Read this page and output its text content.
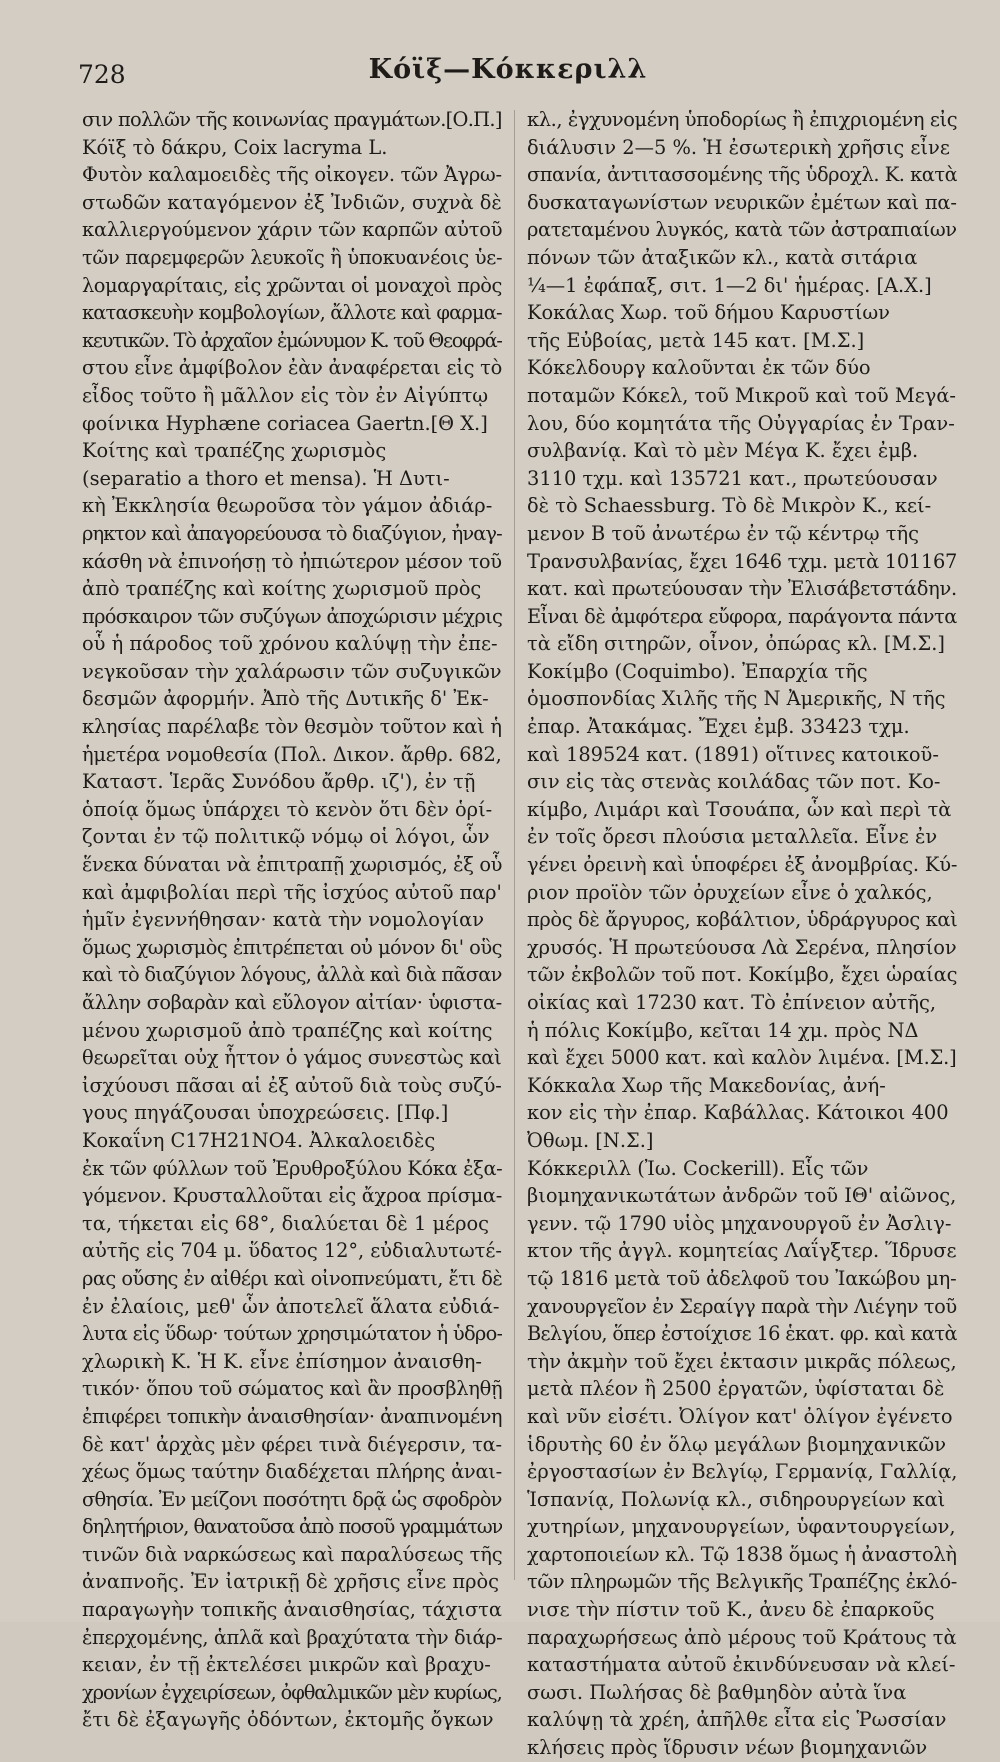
728	Κόϊξ—Κόκκεριλλ
σιν πολλῶν τῆς κοινωνίας πραγμάτων.[Ο.Π.]
Κόϊξ τὸ δάκρυ, Coix lacryma L.
Φυτὸν καλαμοειδὲς τῆς οἰκογεν. τῶν Ἀγρω-
στωδῶν καταγόμενον ἐξ Ἰνδιῶν, συχνὰ δὲ
καλλιεργούμενον χάριν τῶν καρπῶν αὐτοῦ
τῶν παρεμφερῶν λευκοῖς ἢ ὑποκυανέοις ὑε-
λομαργαρίταις, εἰς χρῶνται οἱ μοναχοὶ πρὸς
κατασκευὴν κομβολογίων, ἄλλοτε καὶ φαρμα-
κευτικῶν. Τὸ ἀρχαῖον ἐμώνυμον Κ. τοῦ Θεοφρά-
στου εἶνε ἀμφίβολον ἐὰν ἀναφέρεται εἰς τὸ
εἶδος τοῦτο ἢ μᾶλλον εἰς τὸν ἐν Αἰγύπτῳ
φοίνικα Hyphæne coriacea Gaertn.[Θ Χ.]
Κοίτης καὶ τραπέζης χωρισμὸς
(separatio a thoro et mensa). Ἡ Δυτι-
κὴ Ἐκκλησία θεωροῦσα τὸν γάμον ἀδιάρ-
ρηκτον καὶ ἀπαγορεύουσα τὸ διαζύγιον, ἠναγ-
κάσθη νὰ ἐπινοήσῃ τὸ ἠπιώτερον μέσον τοῦ
ἀπὸ τραπέζης καὶ κοίτης χωρισμοῦ πρὸς
πρόσκαιρον τῶν συζύγων ἀποχώρισιν μέχρις
οὗ ἡ πάροδος τοῦ χρόνου καλύψῃ τὴν ἐπε-
νεγκοῦσαν τὴν χαλάρωσιν τῶν συζυγικῶν
δεσμῶν ἀφορμήν. Ἀπὸ τῆς Δυτικῆς δ' Ἐκ-
κλησίας παρέλαβε τὸν θεσμὸν τοῦτον καὶ ἡ
ἡμετέρα νομοθεσία (Πολ. Δικον. ἄρθρ. 682,
Καταστ. Ἱερᾶς Συνόδου ἄρθρ. ιζ'), ἐν τῇ
ὁποίᾳ ὅμως ὑπάρχει τὸ κενὸν ὅτι δὲν ὁρί-
ζονται ἐν τῷ πολιτικῷ νόμῳ οἱ λόγοι, ὧν
ἕνεκα δύναται νὰ ἐπιτραπῇ χωρισμός, ἐξ οὗ
καὶ ἀμφιβολίαι περὶ τῆς ἰσχύος αὐτοῦ παρ'
ἡμῖν ἐγεννήθησαν· κατὰ τὴν νομολογίαν
ὅμως χωρισμὸς ἐπιτρέπεται οὐ μόνον δι' οὓς
καὶ τὸ διαζύγιον λόγους, ἀλλὰ καὶ διὰ πᾶσαν
ἄλλην σοβαρὰν καὶ εὔλογον αἰτίαν· ὑφιστα-
μένου χωρισμοῦ ἀπὸ τραπέζης καὶ κοίτης
θεωρεῖται οὐχ ἧττον ὁ γάμος συνεστὼς καὶ
ἰσχύουσι πᾶσαι αἱ ἐξ αὐτοῦ διὰ τοὺς συζύ-
γους πηγάζουσαι ὑποχρεώσεις. [Πφ.]
Κοκαΐνη C17H21NO4. Ἀλκαλοειδὲς
ἐκ τῶν φύλλων τοῦ Ἐρυθροξύλου Κόκα ἐξα-
γόμενον. Κρυσταλλοῦται εἰς ἄχροα πρίσμα-
τα, τήκεται εἰς 68°, διαλύεται δὲ 1 μέρος
αὐτῆς εἰς 704 μ. ὕδατος 12°, εὐδιαλυτωτέ-
ρας οὔσης ἐν αἰθέρι καὶ οἰνοπνεύματι, ἔτι δὲ
ἐν ἐλαίοις, μεθ' ὧν ἀποτελεῖ ἅλατα εὐδιά-
λυτα εἰς ὕδωρ· τούτων χρησιμώτατον ἡ ὑδρο-
χλωρικὴ Κ. Ἡ Κ. εἶνε ἐπίσημον ἀναισθη-
τικόν· ὅπου τοῦ σώματος καὶ ἂν προσβληθῇ
ἐπιφέρει τοπικὴν ἀναισθησίαν· ἀναπινομένη
δὲ κατ' ἀρχὰς μὲν φέρει τινὰ διέγερσιν, τα-
χέως ὅμως ταύτην διαδέχεται πλήρης ἀναι-
σθησία. Ἐν μείζονι ποσότητι δρᾷ ὡς σφοδρὸν
δηλητήριον, θανατοῦσα ἀπὸ ποσοῦ γραμμάτων
τινῶν διὰ ναρκώσεως καὶ παραλύσεως τῆς
ἀναπνοῆς. Ἐν ἰατρικῇ δὲ χρῆσις εἶνε πρὸς
παραγωγὴν τοπικῆς ἀναισθησίας, τάχιστα
ἐπερχομένης, ἁπλᾶ καὶ βραχύτατα τὴν διάρ-
κειαν, ἐν τῇ ἐκτελέσει μικρῶν καὶ βραχυ-
χρονίων ἐγχειρίσεων, ὀφθαλμικῶν μὲν κυρίως,
ἔτι δὲ ἐξαγωγῆς ὀδόντων, ἐκτομῆς ὄγκων
κλ., ἐγχυνομένη ὑποδορίως ἢ ἐπιχριομένη εἰς
διάλυσιν 2—5 %. Ἡ ἐσωτερικὴ χρῆσις εἶνε
σπανία, ἀντιτασσομένης τῆς ὑδροχλ. Κ. κατὰ
δυσκαταγωνίστων νευρικῶν ἐμέτων καὶ πα-
ρατεταμένου λυγκός, κατὰ τῶν ἀστραπιαίων
πόνων τῶν ἀταξικῶν κλ., κατὰ σιτάρια
¼—1 ἐφάπαξ, σιτ. 1—2 δι' ἡμέρας. [Α.Χ.]
Κοκάλας Χωρ. τοῦ δήμου Καρυστίων
τῆς Εὐβοίας, μετὰ 145 κατ. [Μ.Σ.]
Κόκελδουργ καλοῦνται ἐκ τῶν δύο
ποταμῶν Κόκελ, τοῦ Μικροῦ καὶ τοῦ Μεγά-
λου, δύο κομητάτα τῆς Οὐγγαρίας ἐν Τραν-
συλβανίᾳ. Καὶ τὸ μὲν Μέγα Κ. ἔχει ἐμβ.
3110 τχμ. καὶ 135721 κατ., πρωτεύουσαν
δὲ τὸ Schaessburg. Τὸ δὲ Μικρὸν Κ., κεί-
μενον Β τοῦ ἀνωτέρω ἐν τῷ κέντρῳ τῆς
Τρανσυλβανίας, ἔχει 1646 τχμ. μετὰ 101167
κατ. καὶ πρωτεύουσαν τὴν Ἐλισάβετστάδην.
Εἶναι δὲ ἀμφότερα εὔφορα, παράγοντα πάντα
τὰ εἴδη σιτηρῶν, οἶνον, ὀπώρας κλ. [Μ.Σ.]
Κοκίμβο (Coquimbo). Ἐπαρχία τῆς
ὁμοσπονδίας Χιλῆς τῆς Ν Ἀμερικῆς, Ν τῆς
ἐπαρ. Ἀτακάμας. Ἔχει ἐμβ. 33423 τχμ.
καὶ 189524 κατ. (1891) οἵτινες κατοικοῦ-
σιν εἰς τὰς στενὰς κοιλάδας τῶν ποτ. Κο-
κίμβο, Λιμάρι καὶ Τσουάπα, ὧν καὶ περὶ τὰ
ἐν τοῖς ὄρεσι πλούσια μεταλλεῖα. Εἶνε ἐν
γένει ὀρεινὴ καὶ ὑποφέρει ἐξ ἀνομβρίας. Κύ-
ριον προϊὸν τῶν ὀρυχείων εἶνε ὁ χαλκός,
πρὸς δὲ ἄργυρος, κοβάλτιον, ὑδράργυρος καὶ
χρυσός. Ἡ πρωτεύουσα Λὰ Σερένα, πλησίον
τῶν ἐκβολῶν τοῦ ποτ. Κοκίμβο, ἔχει ὡραίας
οἰκίας καὶ 17230 κατ. Τὸ ἐπίνειον αὐτῆς,
ἡ πόλις Κοκίμβο, κεῖται 14 χμ. πρὸς ΝΔ
καὶ ἔχει 5000 κατ. καὶ καλὸν λιμένα. [Μ.Σ.]
Κόκκαλα Χωρ τῆς Μακεδονίας, ἀνή-
κον εἰς τὴν ἐπαρ. Καβάλλας. Κάτοικοι 400
Ὀθωμ. [Ν.Σ.]
Κόκκεριλλ (Ἰω. Cockerill). Εἷς τῶν
βιομηχανικωτάτων ἀνδρῶν τοῦ ΙΘ' αἰῶνος,
γενν. τῷ 1790 υἱὸς μηχανουργοῦ ἐν Ἀσλιγ-
κτον τῆς ἀγγλ. κομητείας Λαΐγξτερ. Ἵδρυσε
τῷ 1816 μετὰ τοῦ ἀδελφοῦ του Ἰακώβου μη-
χανουργεῖον ἐν Σεραίγγ παρὰ τὴν Λιέγην τοῦ
Βελγίου, ὅπερ ἐστοίχισε 16 ἑκατ. φρ. καὶ κατὰ
τὴν ἀκμὴν τοῦ ἔχει ἐκτασιν μικρᾶς πόλεως,
μετὰ πλέον ἢ 2500 ἐργατῶν, ὑφίσταται δὲ
καὶ νῦν εἰσέτι. Ὀλίγον κατ' ὀλίγον ἐγένετο
ἱδρυτὴς 60 ἐν ὅλῳ μεγάλων βιομηχανικῶν
ἐργοστασίων ἐν Βελγίῳ, Γερμανίᾳ, Γαλλίᾳ,
Ἱσπανίᾳ, Πολωνίᾳ κλ., σιδηρουργείων καὶ
χυτηρίων, μηχανουργείων, ὑφαντουργείων,
χαρτοποιείων κλ. Τῷ 1838 ὅμως ἡ ἀναστολὴ
τῶν πληρωμῶν τῆς Βελγικῆς Τραπέζης ἐκλό-
νισε τὴν πίστιν τοῦ Κ., ἀνευ δὲ ἐπαρκοῦς
παραχωρήσεως ἀπὸ μέρους τοῦ Κράτους τὰ
καταστήματα αὐτοῦ ἐκινδύνευσαν νὰ κλεί-
σωσι. Πωλήσας δὲ βαθμηδὸν αὐτὰ ἵνα
καλύψῃ τὰ χρέη, ἀπῆλθε εἶτα εἰς Ῥωσσίαν
κλήσεις πρὸς ἵδρυσιν νέων βιομηχανιῶν
